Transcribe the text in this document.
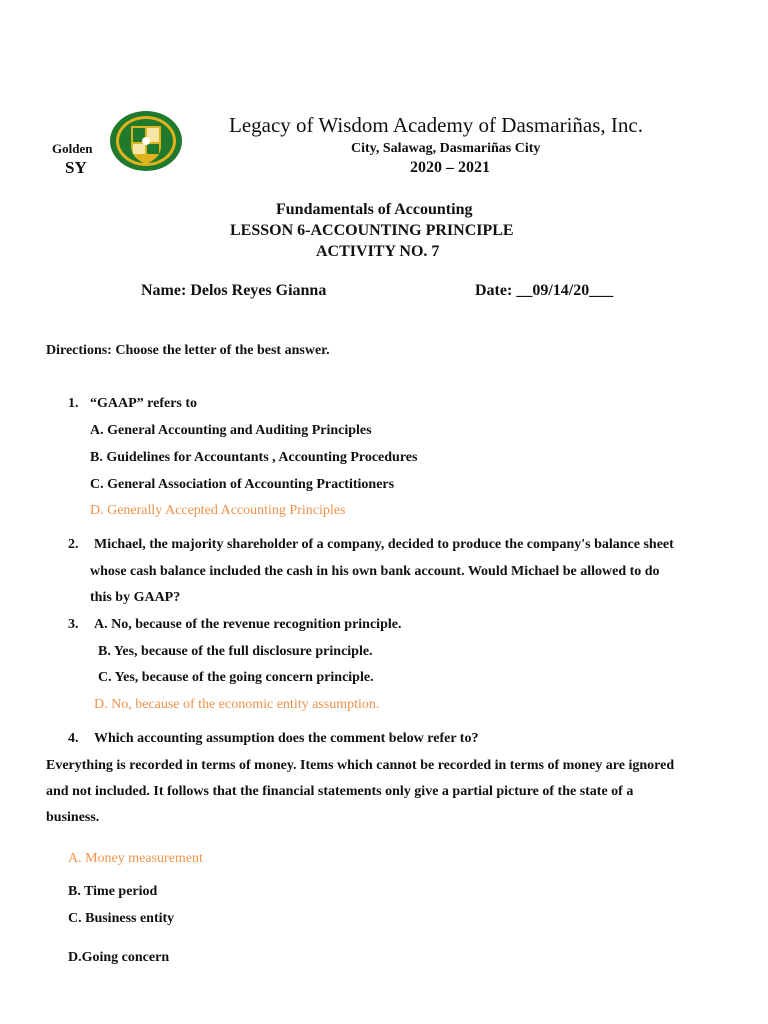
Legacy of Wisdom Academy of Dasmariñas, Inc.
Golden
SY
City, Salawag, Dasmariñas City
2020 – 2021
Fundamentals of Accounting
LESSON 6-ACCOUNTING PRINCIPLE
ACTIVITY NO. 7
Name: Delos Reyes Gianna	Date: __09/14/20___
Directions: Choose the letter of the best answer.
1. “GAAP” refers to
A. General Accounting and Auditing Principles
B. Guidelines for Accountants , Accounting Procedures
C. General Association of Accounting Practitioners
D. Generally Accepted Accounting Principles
2. Michael, the majority shareholder of a company, decided to produce the company's balance sheet
whose cash balance included the cash in his own bank account. Would Michael be allowed to do
this by GAAP?
3. A. No, because of the revenue recognition principle.
B. Yes, because of the full disclosure principle.
C. Yes, because of the going concern principle.
D. No, because of the economic entity assumption.
4. Which accounting assumption does the comment below refer to?
Everything is recorded in terms of money. Items which cannot be recorded in terms of money are ignored
and not included. It follows that the financial statements only give a partial picture of the state of a
business.
A. Money measurement
B. Time period
C. Business entity
D.Going concern
